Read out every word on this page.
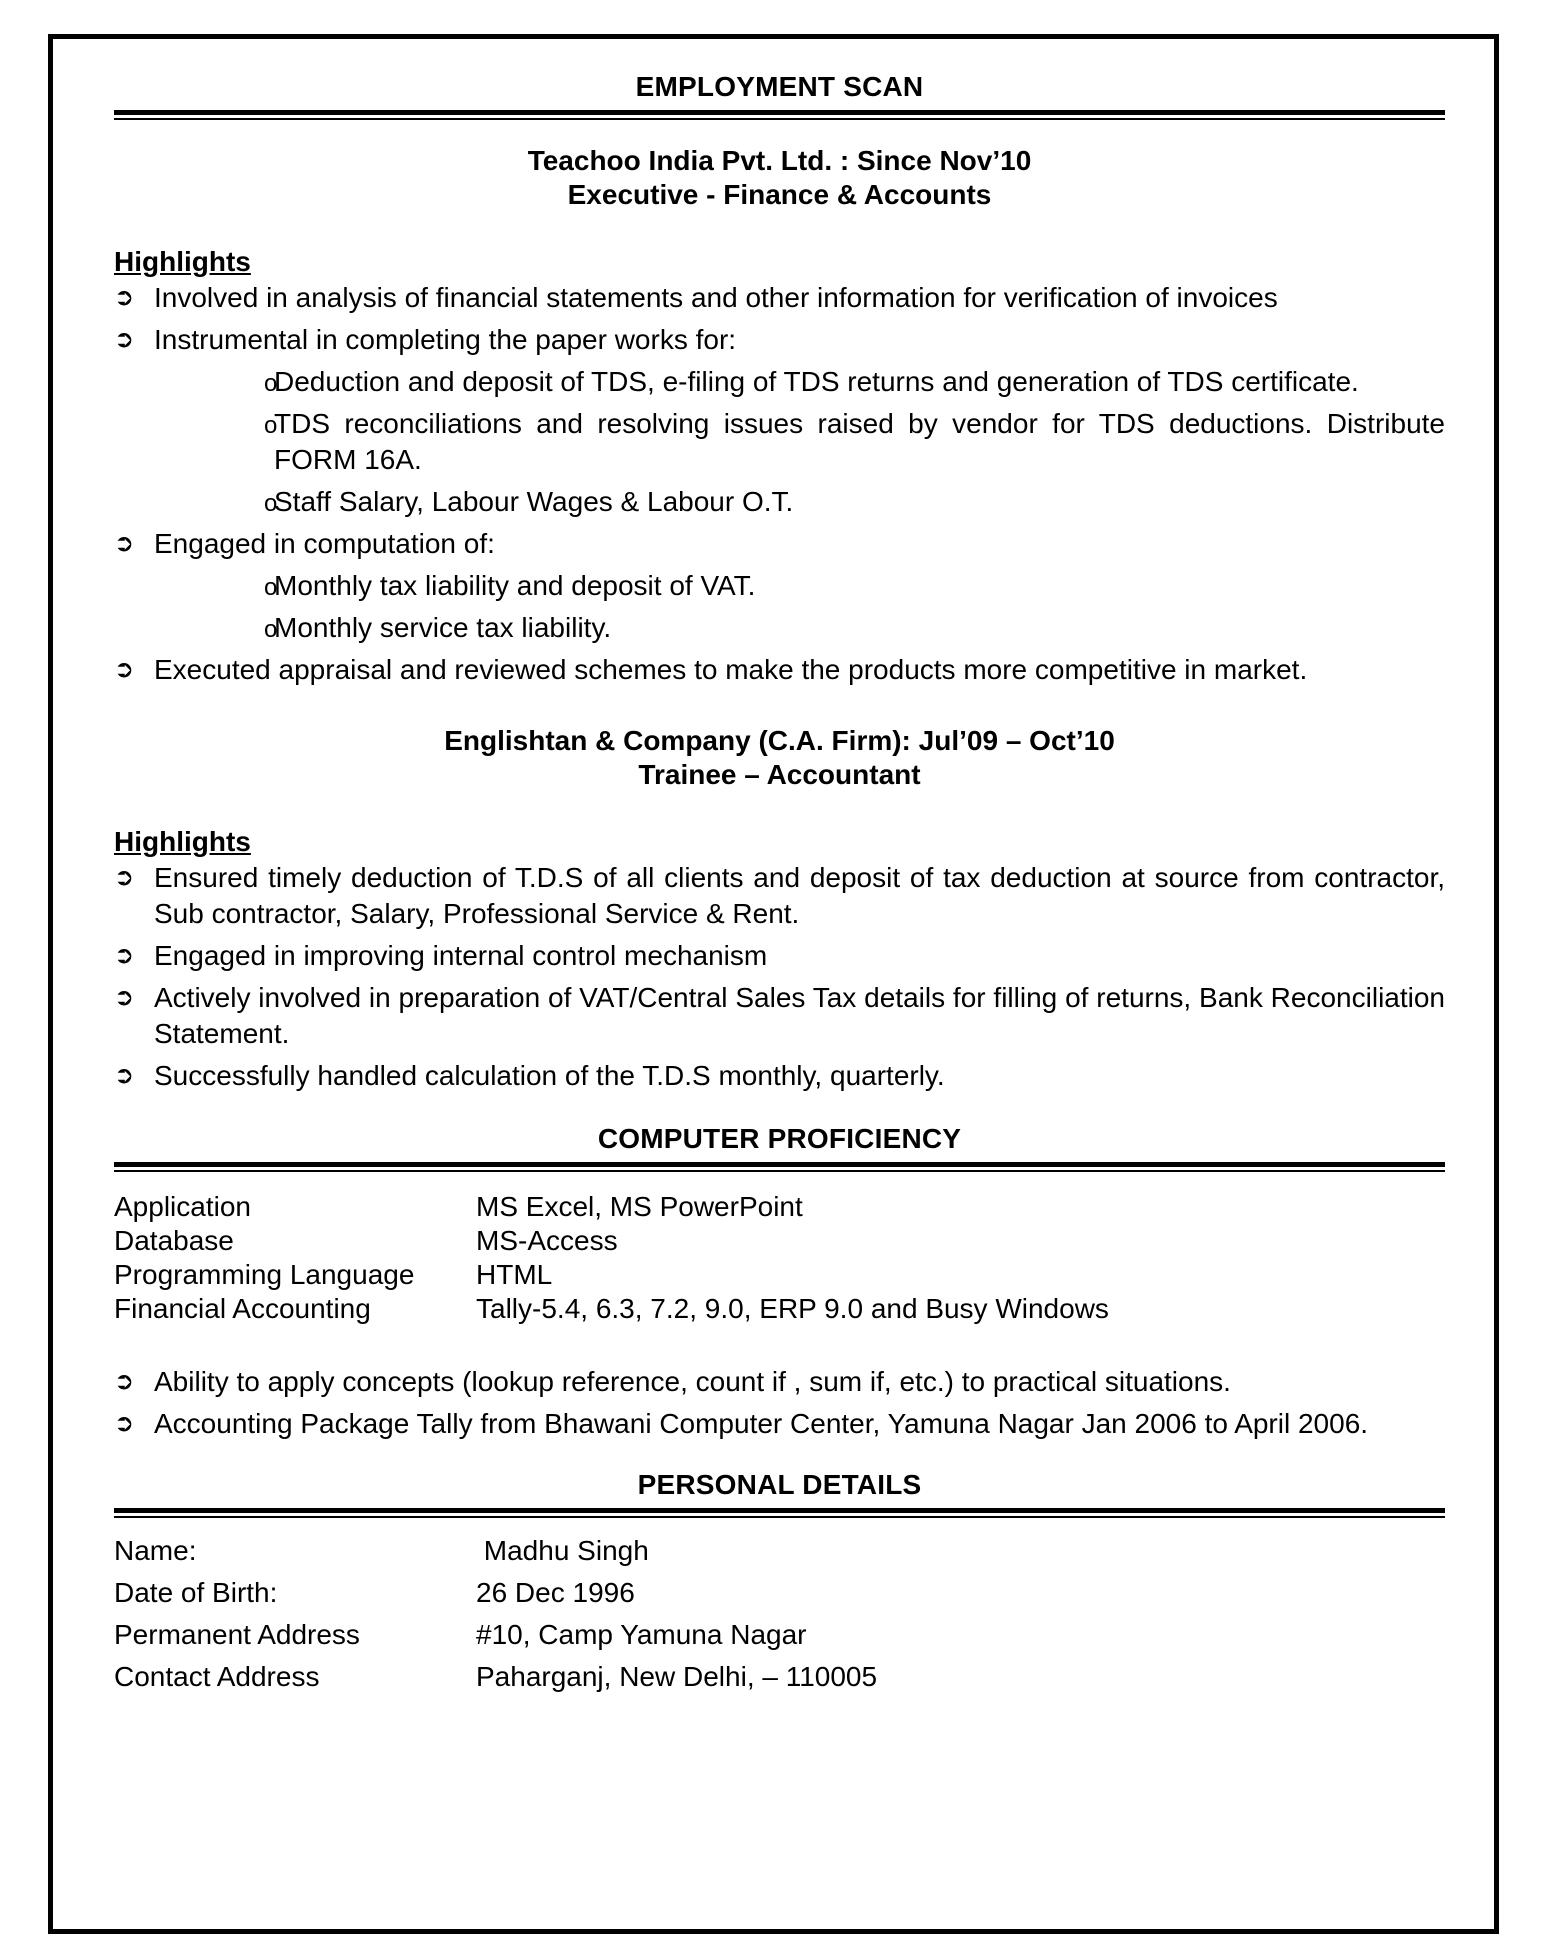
EMPLOYMENT SCAN
Teachoo India Pvt. Ltd. : Since Nov’10
Executive - Finance & Accounts
Highlights
➲ Involved in analysis of financial statements and other information for verification of invoices
➲ Instrumental in completing the paper works for:
o
Deduction and deposit of TDS, e-filing of TDS returns and generation of TDS certificate.
o
TDS reconciliations and resolving issues raised by vendor for TDS deductions. Distribute FORM 16A.
o
Staff Salary, Labour Wages & Labour O.T.
➲ Engaged in computation of:
o
Monthly tax liability and deposit of VAT.
o
Monthly service tax liability.
➲ Executed appraisal and reviewed schemes to make the products more competitive in market.
Englishtan & Company (C.A. Firm): Jul’09 – Oct’10
Trainee – Accountant
Highlights
➲ Ensured timely deduction of T.D.S of all clients and deposit of tax deduction at source from contractor, Sub contractor, Salary, Professional Service & Rent.
➲ Engaged in improving internal control mechanism
➲ Actively involved in preparation of VAT/Central Sales Tax details for filling of returns, Bank Reconciliation Statement.
➲ Successfully handled calculation of the T.D.S monthly, quarterly.
COMPUTER PROFICIENCY
Application	MS Excel, MS PowerPoint
Database	MS-Access
Programming Language	HTML
Financial Accounting	Tally-5.4, 6.3, 7.2, 9.0, ERP 9.0 and Busy Windows
➲ Ability to apply concepts (lookup reference, count if , sum if, etc.) to practical situations.
➲ Accounting Package Tally from Bhawani Computer Center, Yamuna Nagar Jan 2006 to April 2006.
PERSONAL DETAILS
Name:	Madhu Singh
Date of Birth:	26 Dec 1996
Permanent Address	#10, Camp Yamuna Nagar
Contact Address	Paharganj, New Delhi, – 110005
